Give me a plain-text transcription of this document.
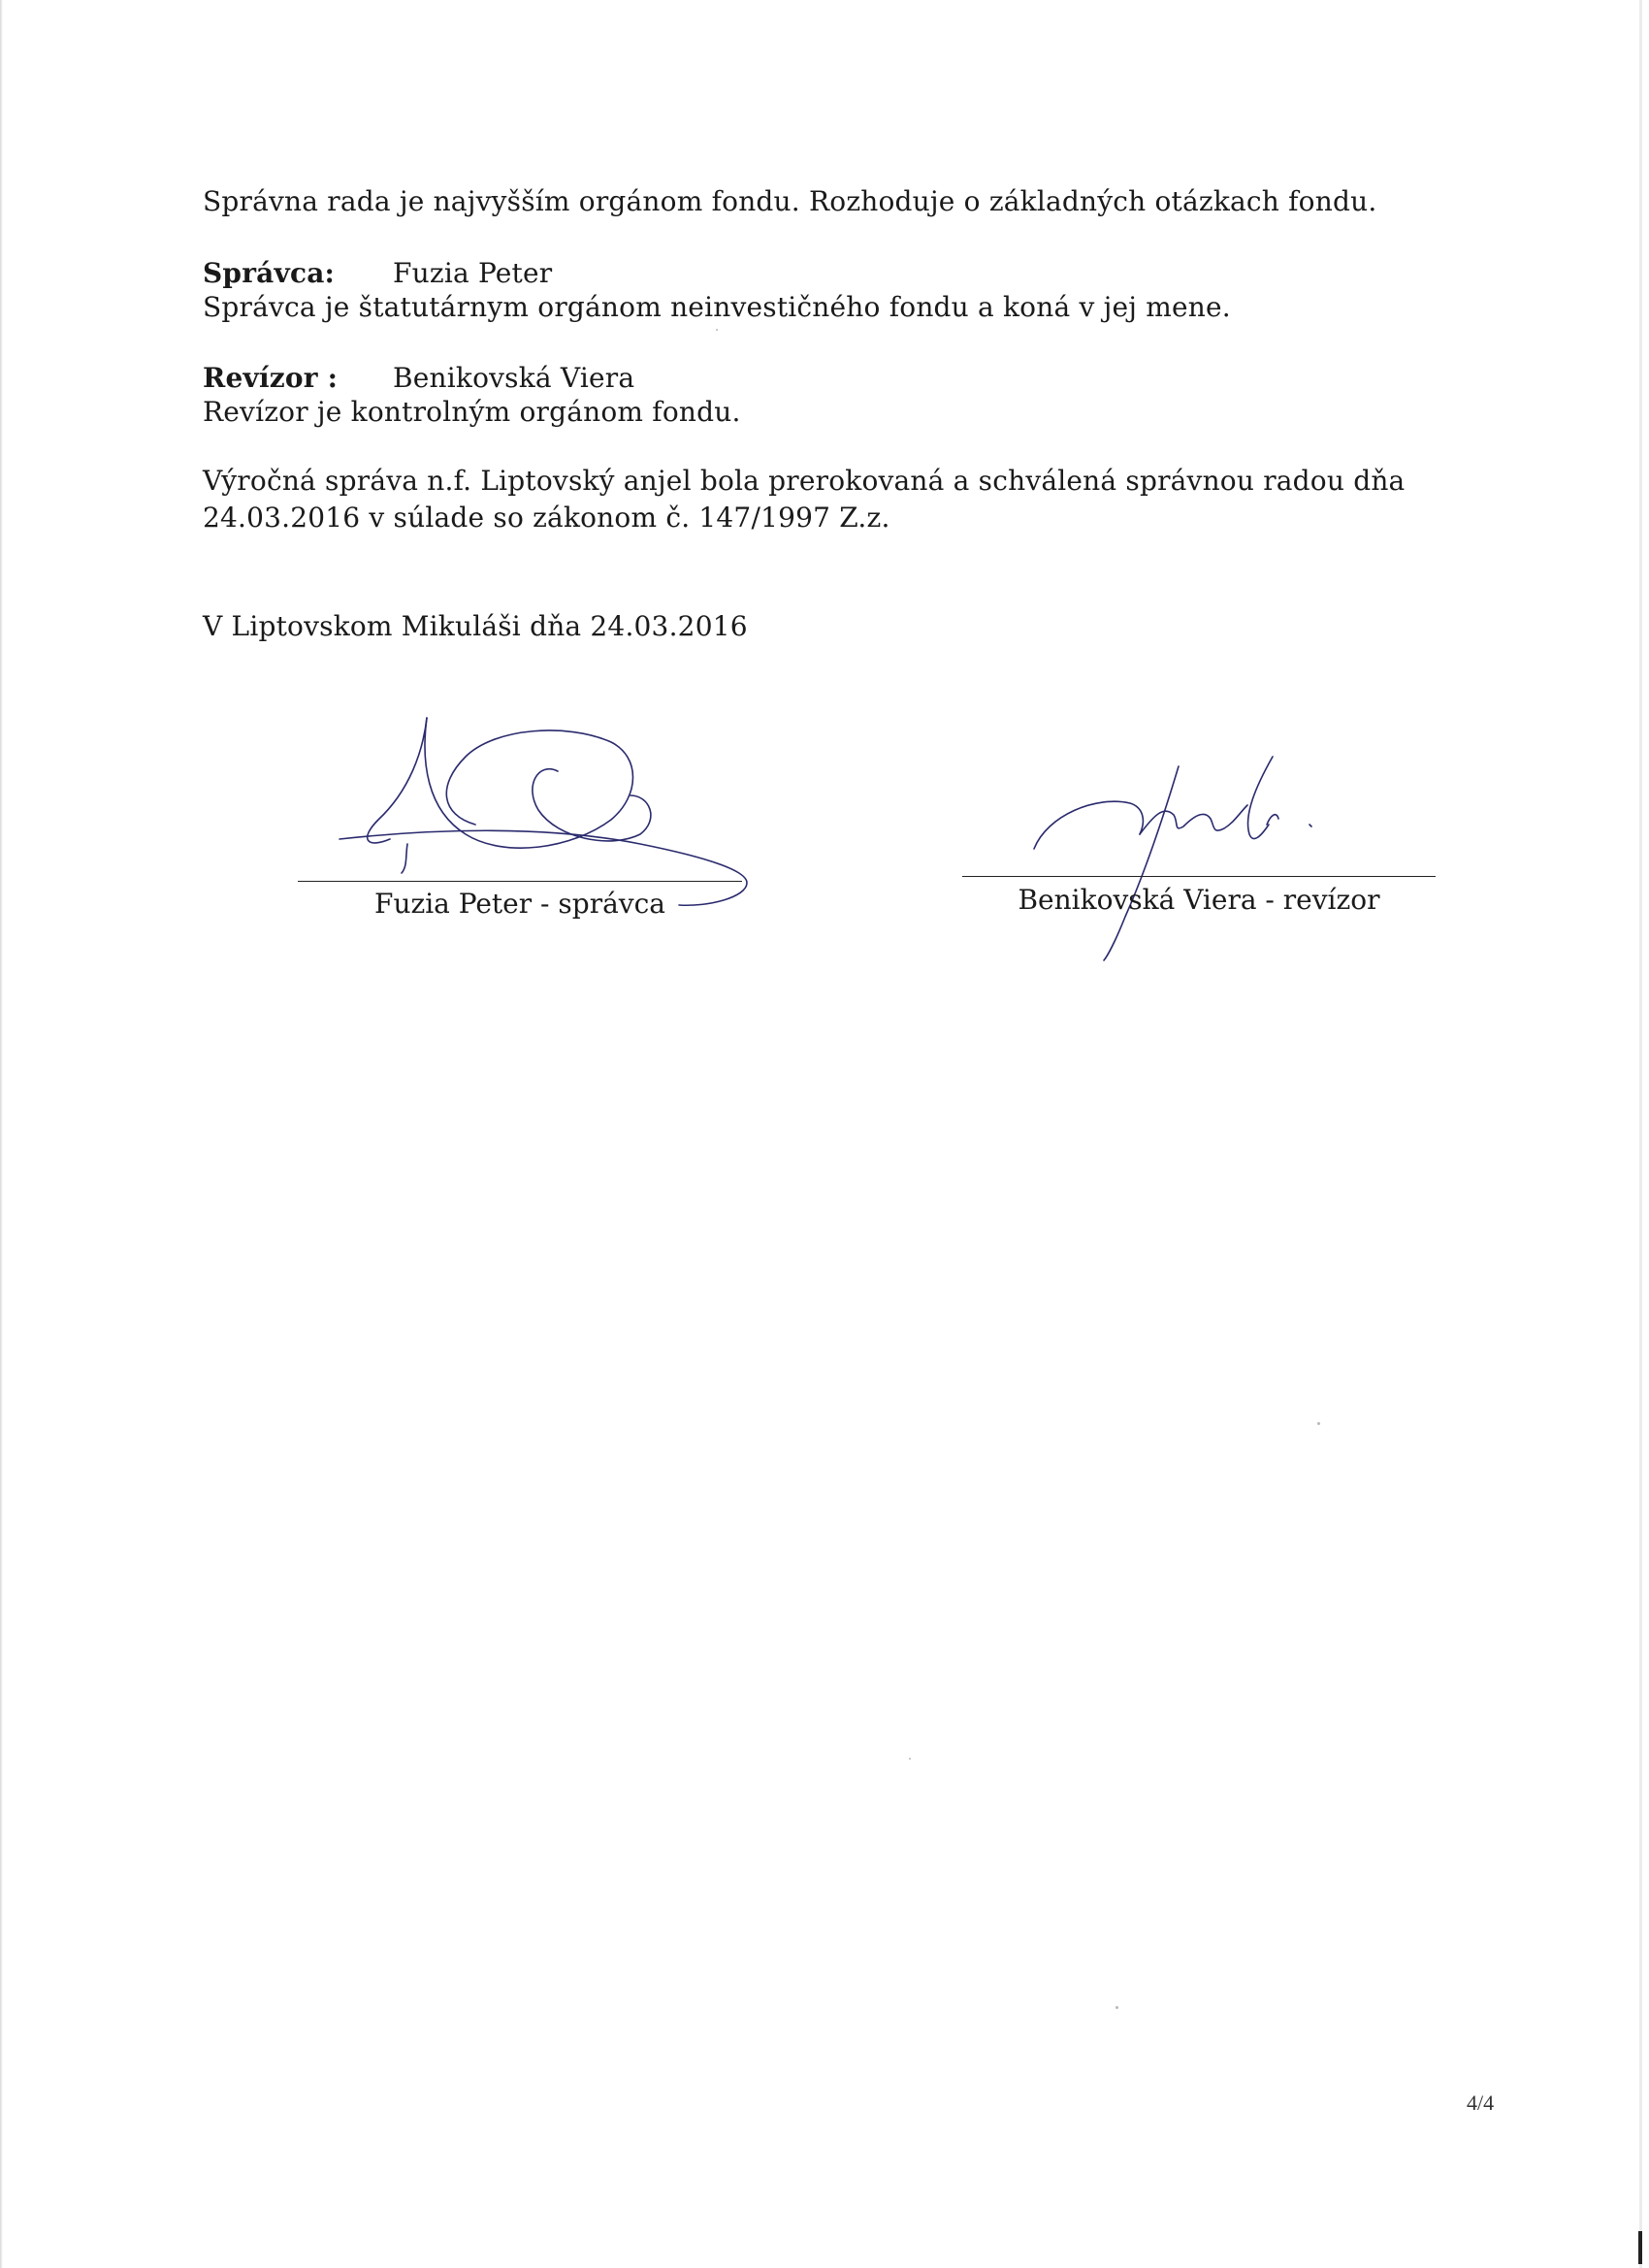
Správna rada je najvyšším orgánom fondu. Rozhoduje o základných otázkach fondu.
Správca: Fuzia Peter
Správca je štatutárnym orgánom neinvestičného fondu a koná v jej mene.
Revízor : Benikovská Viera
Revízor je kontrolným orgánom fondu.
Výročná správa n.f. Liptovský anjel bola prerokovaná a schválená správnou radou dňa
24.03.2016 v súlade so zákonom č. 147/1997 Z.z.
V Liptovskom Mikuláši dňa 24.03.2016
Fuzia Peter - správca	Benikovská Viera - revízor
4/4
